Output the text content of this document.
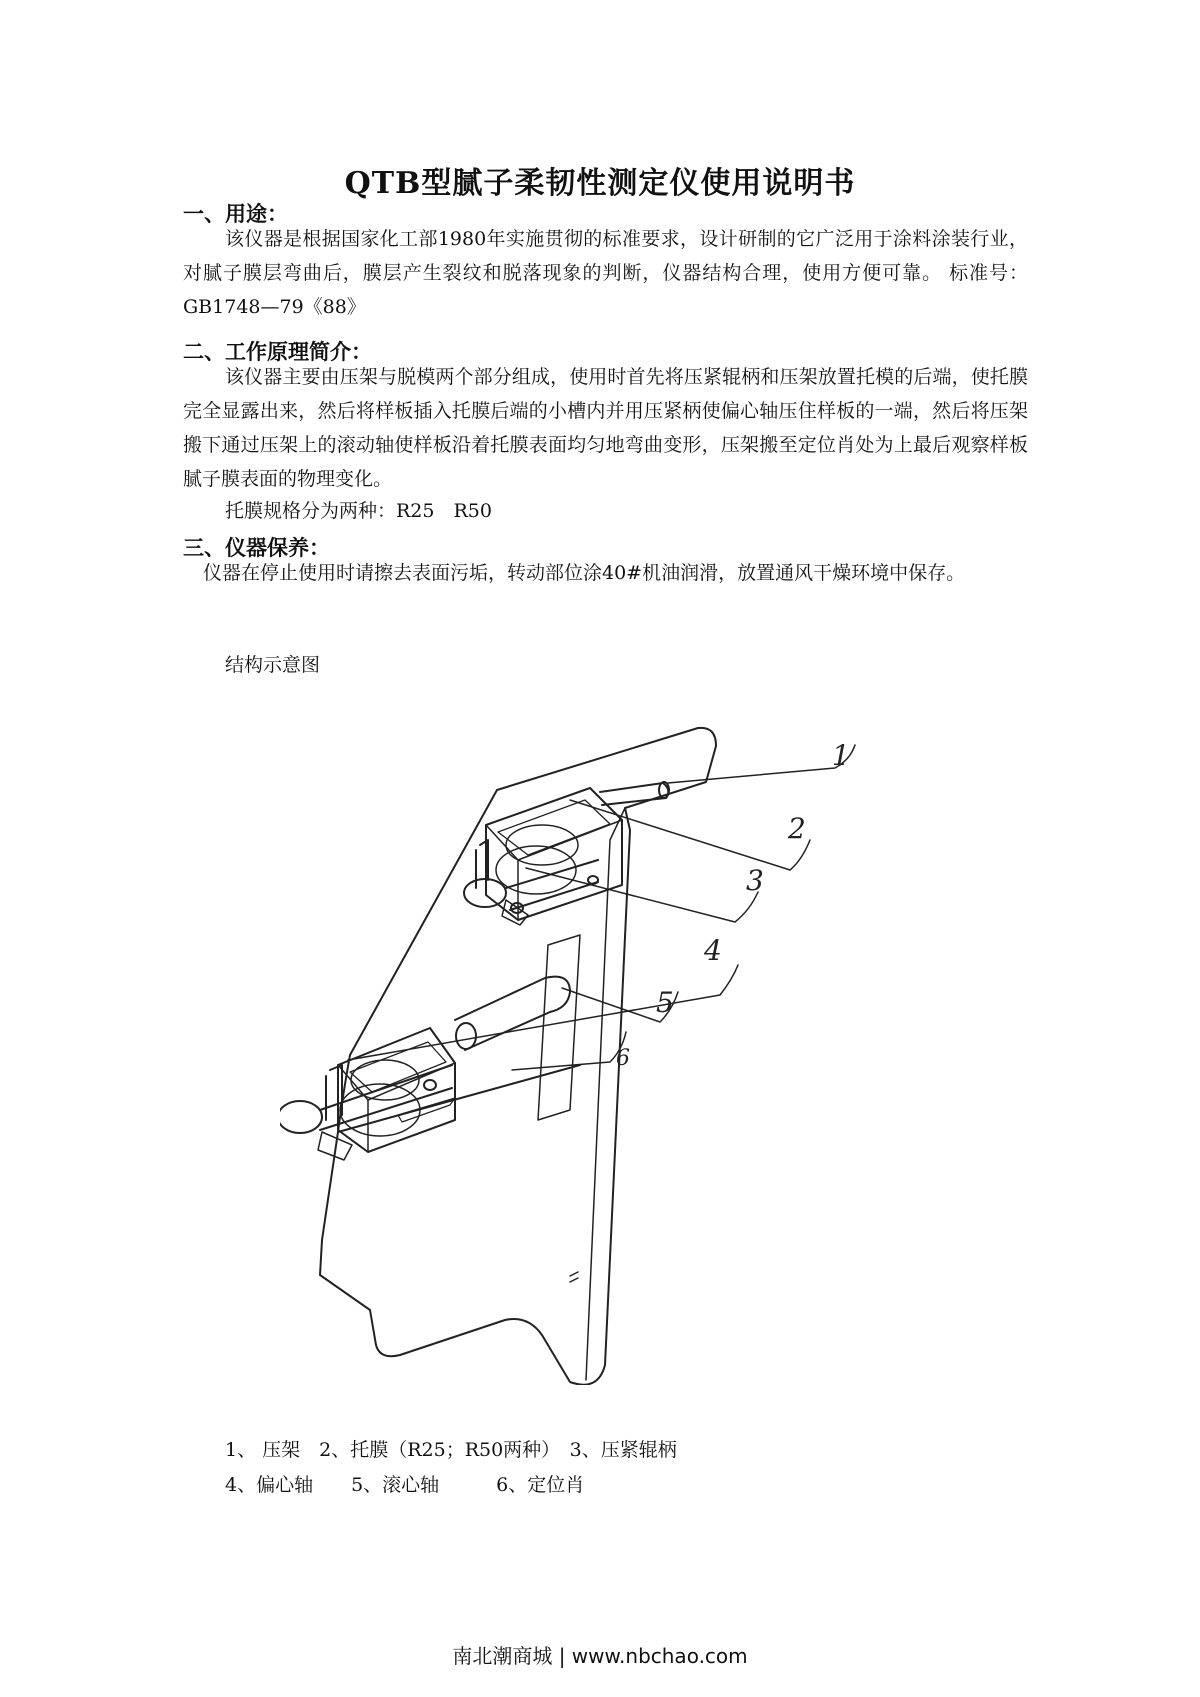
QTB型腻子柔韧性测定仪使用说明书
一、用途：

该仪器是根据国家化工部1980年实施贯彻的标准要求，设计研制的它广泛用于涂料涂装行业，对腻子膜层弯曲后，膜层产生裂纹和脱落现象的判断，仪器结构合理，使用方便可靠。 标准号：GB1748—79《88》

二、工作原理简介：

该仪器主要由压架与脱模两个部分组成，使用时首先将压紧辊柄和压架放置托模的后端，使托膜完全显露出来，然后将样板插入托膜后端的小槽内并用压紧柄使偏心轴压住样板的一端，然后将压架搬下通过压架上的滚动轴使样板沿着托膜表面均匀地弯曲变形，压架搬至定位肖处为上最后观察样板腻子膜表面的物理变化。

托膜规格分为两种：R25　R50

三、仪器保养：

仪器在停止使用时请擦去表面污垢，转动部位涂40#机油润滑，放置通风干燥环境中保存。

结构示意图
1
2
3
4
5
6
1、 压架　2、托膜（R25；R50两种）　3、压紧辊柄
4、偏心轴　　5、滚心轴　　　6、定位肖
南北潮商城 | www.nbchao.com
